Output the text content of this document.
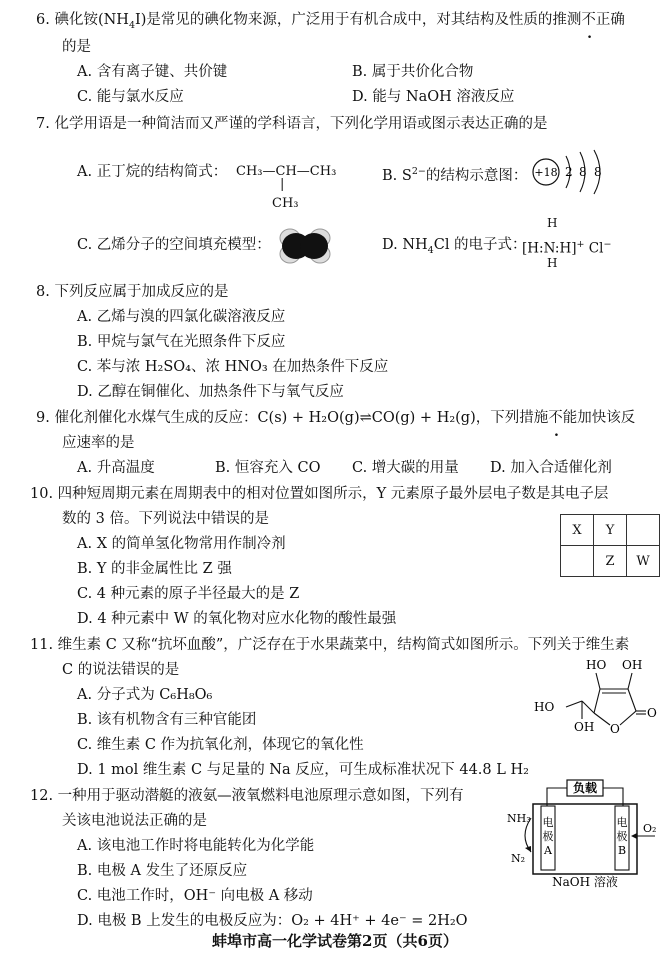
6. 碘化铵$(NH_4I)$是常见的碘化物来源，广泛用于有机合成中，对其结构及性质的推测不正确
的是
A. 含有离子键、共价键	B. 属于共价化合物
C. 能与氯水反应	D. 能与 NaOH 溶液反应
7. 化学用语是一种简洁而又严谨的学科语言，下列化学用语或图示表达正确的是
A. 正丁烷的结构简式： CH₃—CH—CH₃
|
CH₃
B. $S^{2-}$的结构示意图： +18 2 8 8
C. 乙烯分子的空间填充模型：	D. $NH_4Cl$ 的电子式：
[H:N:H]+ Cl−
H
H
8. 下列反应属于加成反应的是
A. 乙烯与溴的四氯化碳溶液反应
B. 甲烷与氯气在光照条件下反应
C. 苯与浓 H₂SO₄、浓 HNO₃ 在加热条件下反应
D. 乙醇在铜催化、加热条件下与氧气反应
9. 催化剂催化水煤气生成的反应：C(s) + H₂O(g)⇌CO(g) + H₂(g)，下列措施不能加快该反
应速率的是
A. 升高温度	B. 恒容充入 CO C. 增大碳的用量 D. 加入合适催化剂
10. 四种短周期元素在周期表中的相对位置如图所示，Y 元素原子最外层电子数是其电子层
数的 3 倍。下列说法中错误的是
A. X 的简单氢化物常用作制冷剂
B. Y 的非金属性比 Z 强
C. 4 种元素的原子半径最大的是 Z
D. 4 种元素中 W 的氧化物对应水化物的酸性最强
X	Y	
	Z	W
11. 维生素 C 又称“抗坏血酸”，广泛存在于水果蔬菜中，结构简式如图所示。下列关于维生素
C 的说法错误的是
A. 分子式为 C₆H₈O₆
B. 该有机物含有三种官能团
C. 维生素 C 作为抗氧化剂，体现它的氧化性
D. 1 mol 维生素 C 与足量的 Na 反应，可生成标准状况下 44.8 L H₂
HO OH
O
O
HO
OH
12. 一种用于驱动潜艇的液氨—液氧燃料电池原理示意如图，下列有
关该电池说法正确的是
A. 该电池工作时将电能转化为化学能
B. 电极 A 发生了还原反应
C. 电池工作时，OH⁻ 向电极 A 移动
D. 电极 B 上发生的电极反应为：O₂ + 4H⁺ + 4e⁻ = 2H₂O
负载
电
极
A
电
极
B
NH₃
N₂
O₂
NaOH 溶液
蚌埠市高一化学试卷第2页（共6页）
